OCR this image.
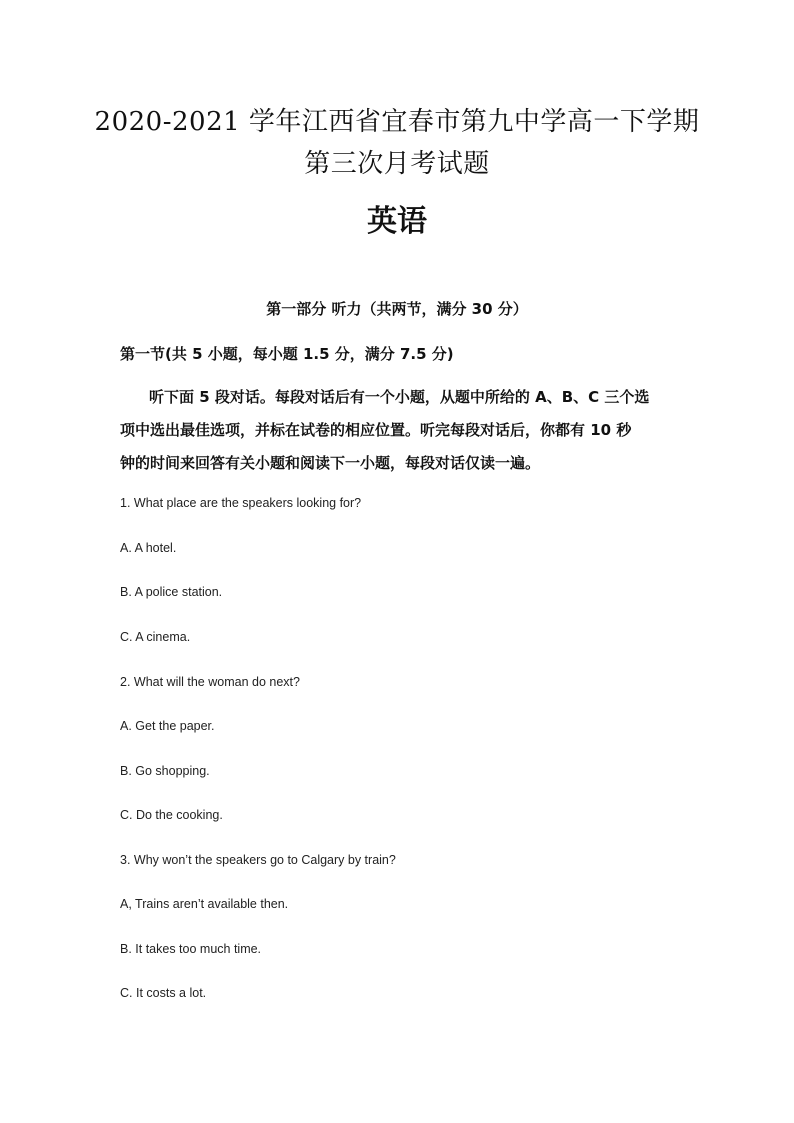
2020-2021 学年江西省宜春市第九中学高一下学期
第三次月考试题
英语
第一部分 听力（共两节，满分 30 分）
第一节(共 5 小题，每小题 1.5 分，满分 7.5 分)
听下面 5 段对话。每段对话后有一个小题，从题中所给的 A、B、C 三个选
项中选出最佳选项，并标在试卷的相应位置。听完每段对话后，你都有 10 秒
钟的时间来回答有关小题和阅读下一小题，每段对话仅读一遍。
1. What place are the speakers looking for?
A. A hotel.
B. A police station.
C. A cinema.
2. What will the woman do next?
A. Get the paper.
B. Go shopping.
C. Do the cooking.
3. Why won’t the speakers go to Calgary by train?
A, Trains aren’t available then.
B. It takes too much time.
C. It costs a lot.
